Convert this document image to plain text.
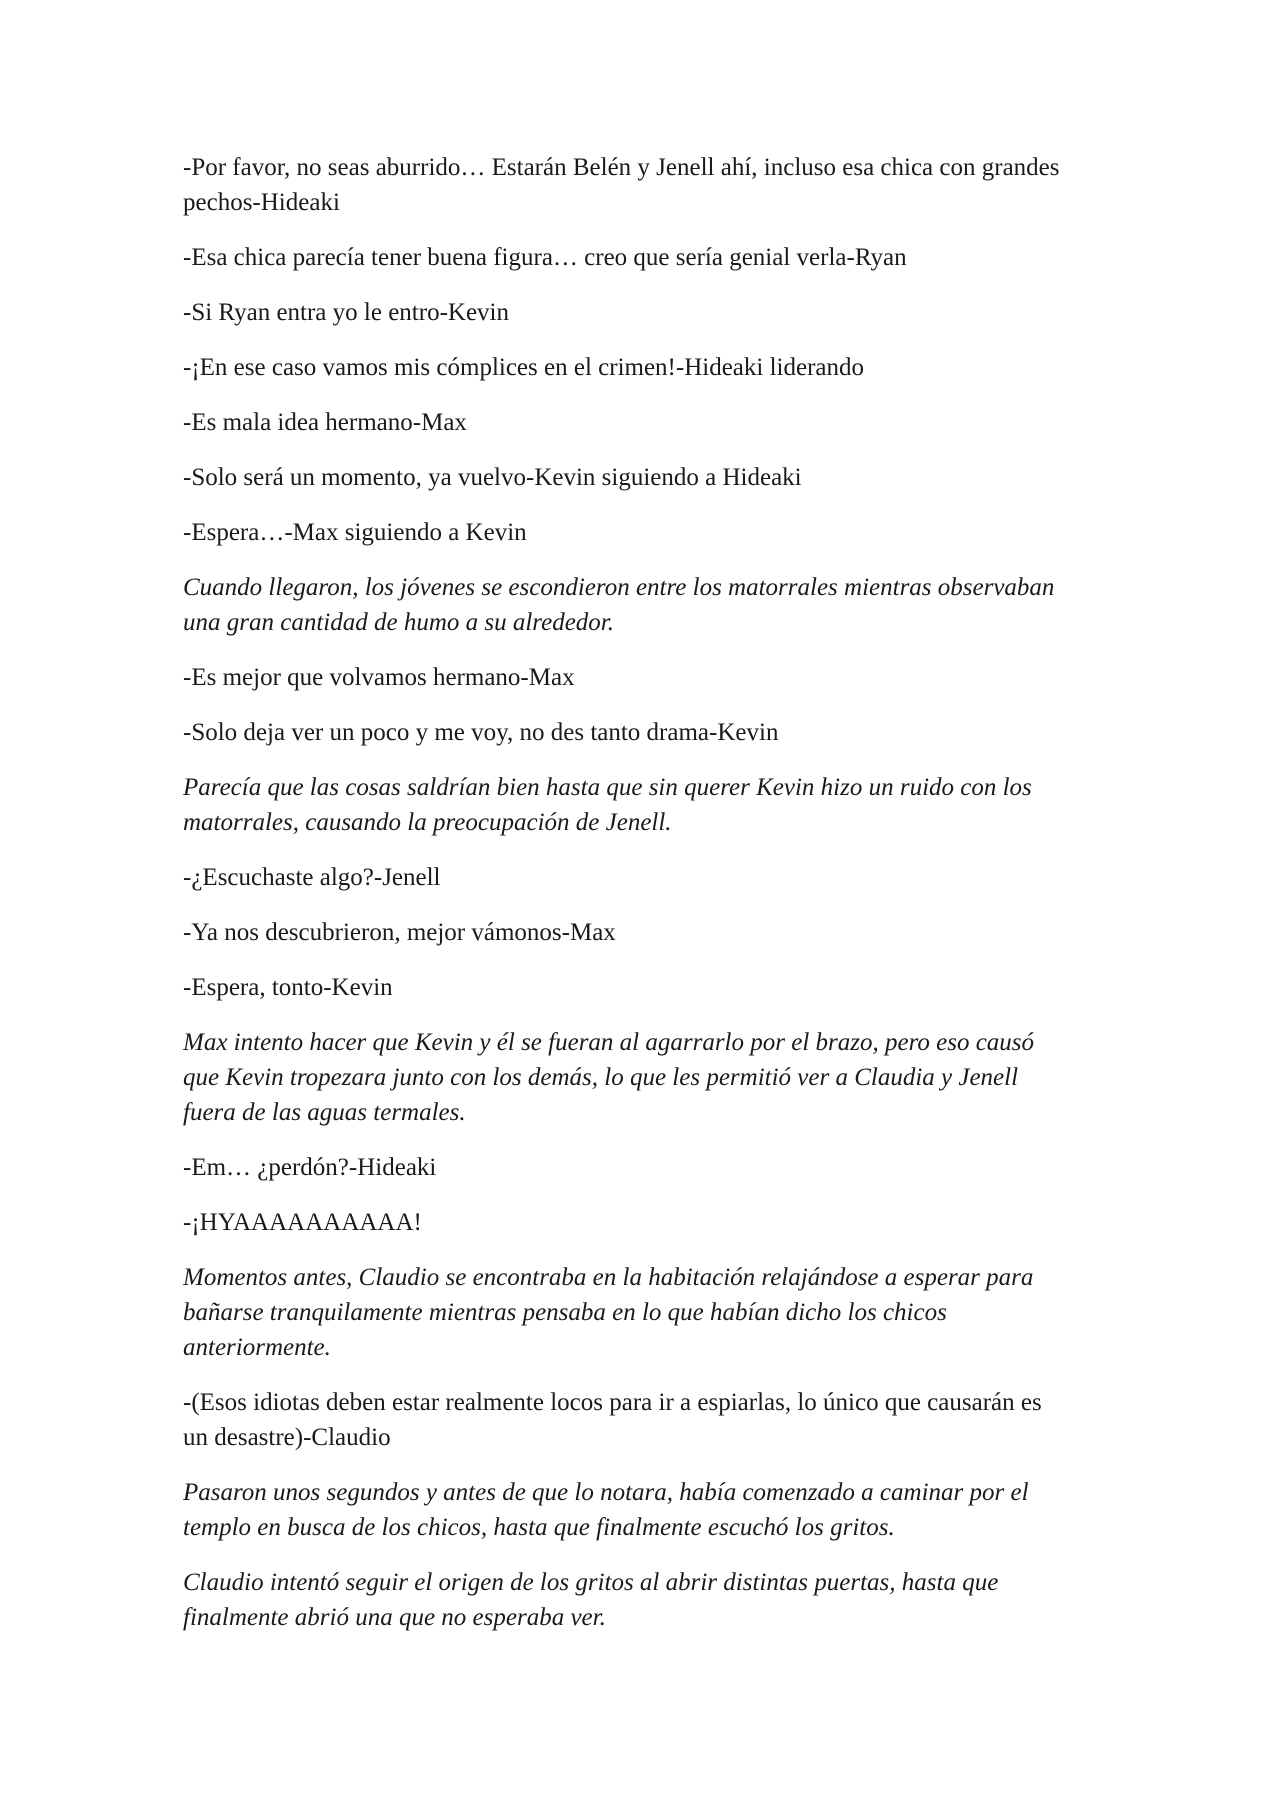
-Por favor, no seas aburrido… Estarán Belén y Jenell ahí, incluso esa chica con grandes
pechos-Hideaki

-Esa chica parecía tener buena figura… creo que sería genial verla-Ryan

-Si Ryan entra yo le entro-Kevin

-¡En ese caso vamos mis cómplices en el crimen!-Hideaki liderando

-Es mala idea hermano-Max

-Solo será un momento, ya vuelvo-Kevin siguiendo a Hideaki

-Espera…-Max siguiendo a Kevin

Cuando llegaron, los jóvenes se escondieron entre los matorrales mientras observaban
una gran cantidad de humo a su alrededor.

-Es mejor que volvamos hermano-Max

-Solo deja ver un poco y me voy, no des tanto drama-Kevin

Parecía que las cosas saldrían bien hasta que sin querer Kevin hizo un ruido con los
matorrales, causando la preocupación de Jenell.

-¿Escuchaste algo?-Jenell

-Ya nos descubrieron, mejor vámonos-Max

-Espera, tonto-Kevin

Max intento hacer que Kevin y él se fueran al agarrarlo por el brazo, pero eso causó
que Kevin tropezara junto con los demás, lo que les permitió ver a Claudia y Jenell
fuera de las aguas termales.

-Em… ¿perdón?-Hideaki

-¡HYAAAAAAAAAA!

Momentos antes, Claudio se encontraba en la habitación relajándose a esperar para
bañarse tranquilamente mientras pensaba en lo que habían dicho los chicos
anteriormente.

-(Esos idiotas deben estar realmente locos para ir a espiarlas, lo único que causarán es
un desastre)-Claudio

Pasaron unos segundos y antes de que lo notara, había comenzado a caminar por el
templo en busca de los chicos, hasta que finalmente escuchó los gritos.

Claudio intentó seguir el origen de los gritos al abrir distintas puertas, hasta que
finalmente abrió una que no esperaba ver.
